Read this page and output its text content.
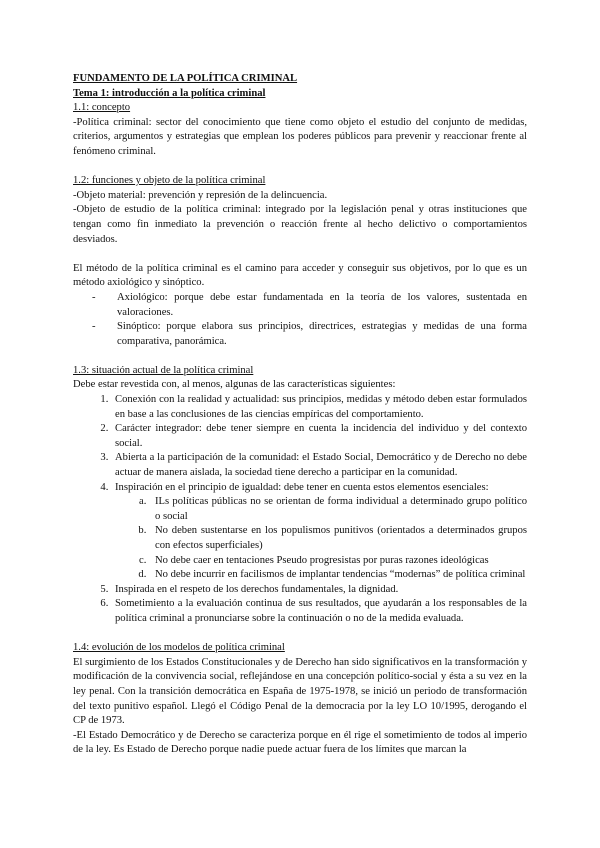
FUNDAMENTO DE LA POLÍTICA CRIMINAL

Tema 1: introducción a la política criminal

1.1: concepto

-Política criminal: sector del conocimiento que tiene como objeto el estudio del conjunto de medidas, criterios, argumentos y estrategias que emplean los poderes públicos para prevenir y reaccionar frente al fenómeno criminal.

1.2: funciones y objeto de la política criminal

-Objeto material: prevención y represión de la delincuencia.

-Objeto de estudio de la política criminal: integrado por la legislación penal y otras instituciones que tengan como fin inmediato la prevención o reacción frente al hecho delictivo o comportamientos desviados.

El método de la política criminal es el camino para acceder y conseguir sus objetivos, por lo que es un método axiológico y sinóptico.

- Axiológico: porque debe estar fundamentada en la teoría de los valores, sustentada en valoraciones.
- Sinóptico: porque elabora sus principios, directrices, estrategias y medidas de una forma comparativa, panorámica.

1.3: situación actual de la política criminal

Debe estar revestida con, al menos, algunas de las características siguientes:

1. Conexión con la realidad y actualidad: sus principios, medidas y método deben estar formulados en base a las conclusiones de las ciencias empíricas del comportamiento.
2. Carácter integrador: debe tener siempre en cuenta la incidencia del individuo y del contexto social.
3. Abierta a la participación de la comunidad: el Estado Social, Democrático y de Derecho no debe actuar de manera aislada, la sociedad tiene derecho a participar en la comunidad.
4. Inspiración en el principio de igualdad: debe tener en cuenta estos elementos esenciales:
a. ILs políticas públicas no se orientan de forma individual a determinado grupo político o social
b. No deben sustentarse en los populismos punitivos (orientados a determinados grupos con efectos superficiales)
c. No debe caer en tentaciones Pseudo progresistas por puras razones ideológicas
d. No debe incurrir en facilismos de implantar tendencias “modernas” de política criminal
5. Inspirada en el respeto de los derechos fundamentales, la dignidad.
6. Sometimiento a la evaluación continua de sus resultados, que ayudarán a los responsables de la política criminal a pronunciarse sobre la continuación o no de la medida evaluada.

1.4: evolución de los modelos de política criminal

El surgimiento de los Estados Constitucionales y de Derecho han sido significativos en la transformación y modificación de la convivencia social, reflejándose en una concepción político-social y ésta a su vez en la ley penal. Con la transición democrática en España de 1975-1978, se inició un periodo de transformación del texto punitivo español. Llegó el Código Penal de la democracia por la ley LO 10/1995, derogando el CP de 1973.

-El Estado Democrático y de Derecho se caracteriza porque en él rige el sometimiento de todos al imperio de la ley. Es Estado de Derecho porque nadie puede actuar fuera de los límites que marcan la
